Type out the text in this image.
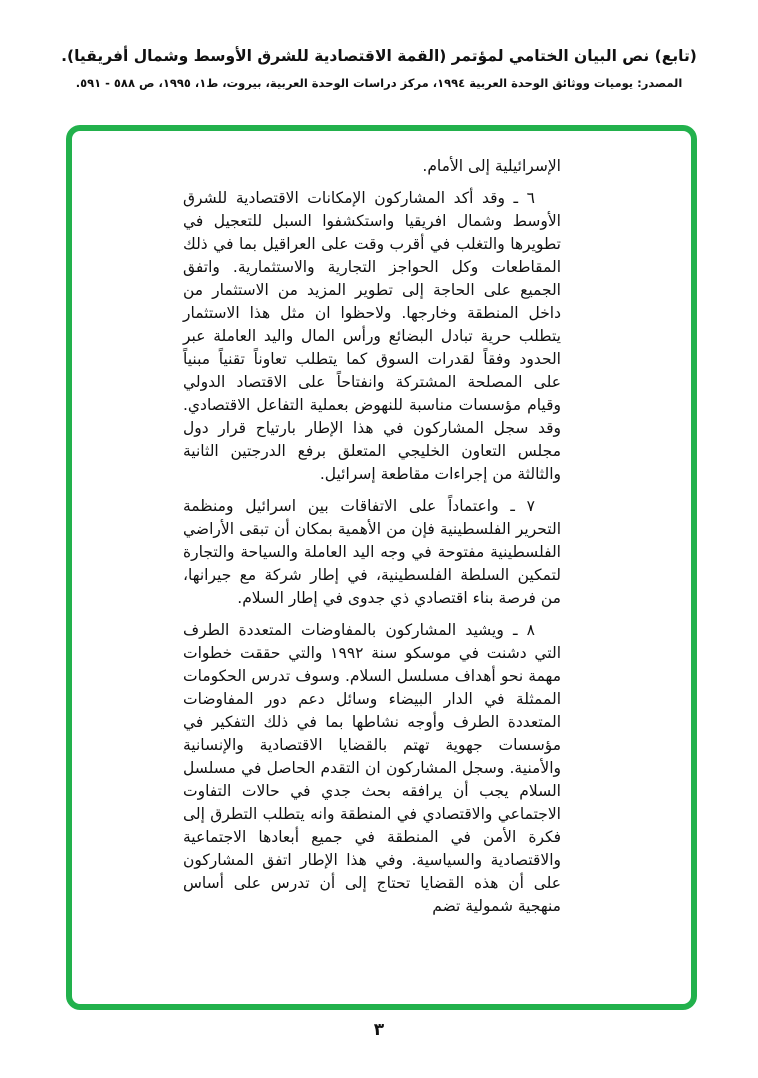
(تابع) نص البيان الختامي لمؤتمر (القمة الاقتصادية للشرق الأوسط وشمال أفريقيا).
المصدر: يوميات ووثائق الوحدة العربية ١٩٩٤، مركز دراسات الوحدة العربية، بيروت، ط١، ١٩٩٥، ص ٥٨٨ - ٥٩١.

الإسرائيلية إلى الأمام.

٦ ـ وقد أكد المشاركون الإمكانات الاقتصادية للشرق الأوسط وشمال افريقيا واستكشفوا السبل للتعجيل في تطويرها والتغلب في أقرب وقت على العراقيل بما في ذلك المقاطعات وكل الحواجز التجارية والاستثمارية. واتفق الجميع على الحاجة إلى تطوير المزيد من الاستثمار من داخل المنطقة وخارجها. ولاحظوا ان مثل هذا الاستثمار يتطلب حرية تبادل البضائع ورأس المال واليد العاملة عبر الحدود وفقاً لقدرات السوق كما يتطلب تعاوناً تقنياً مبنياً على المصلحة المشتركة وانفتاحاً على الاقتصاد الدولي وقيام مؤسسات مناسبة للنهوض بعملية التفاعل الاقتصادي. وقد سجل المشاركون في هذا الإطار بارتياح قرار دول مجلس التعاون الخليجي المتعلق برفع الدرجتين الثانية والثالثة من إجراءات مقاطعة إسرائيل.

٧ ـ واعتماداً على الاتفاقات بين اسرائيل ومنظمة التحرير الفلسطينية فإن من الأهمية بمكان أن تبقى الأراضي الفلسطينية مفتوحة في وجه اليد العاملة والسياحة والتجارة لتمكين السلطة الفلسطينية، في إطار شركة مع جيرانها، من فرصة بناء اقتصادي ذي جدوى في إطار السلام.

٨ ـ ويشيد المشاركون بالمفاوضات المتعددة الطرف التي دشنت في موسكو سنة ١٩٩٢ والتي حققت خطوات مهمة نحو أهداف مسلسل السلام. وسوف تدرس الحكومات الممثلة في الدار البيضاء وسائل دعم دور المفاوضات المتعددة الطرف وأوجه نشاطها بما في ذلك التفكير في مؤسسات جهوية تهتم بالقضايا الاقتصادية والإنسانية والأمنية. وسجل المشاركون ان التقدم الحاصل في مسلسل السلام يجب أن يرافقه بحث جدي في حالات التفاوت الاجتماعي والاقتصادي في المنطقة وانه يتطلب التطرق إلى فكرة الأمن في المنطقة في جميع أبعادها الاجتماعية والاقتصادية والسياسية. وفي هذا الإطار اتفق المشاركون على أن هذه القضايا تحتاج إلى أن تدرس على أساس منهجية شمولية تضم

٣
